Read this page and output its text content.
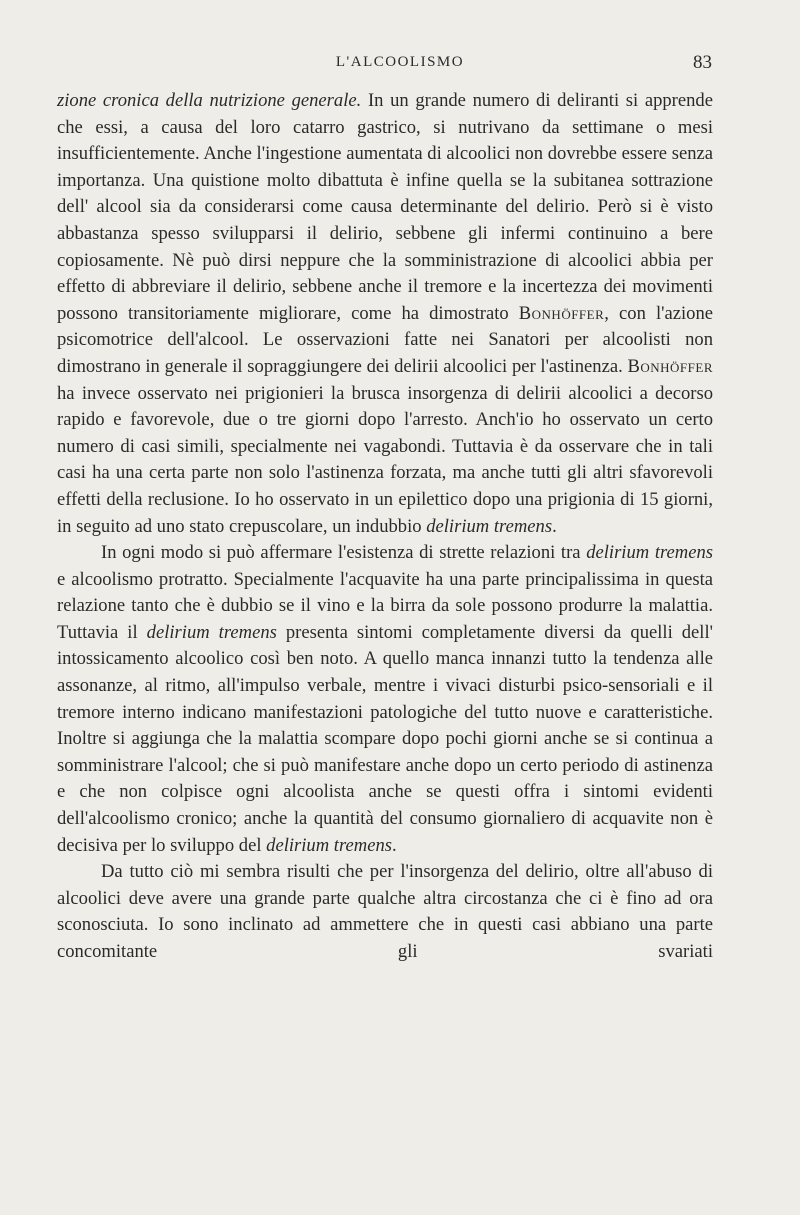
L'ALCOOLISMO	83

zione cronica della nutrizione generale. In un grande numero di deliranti si apprende che essi, a causa del loro catarro gastrico, si nutrivano da settimane o mesi insufficientemente. Anche l'ingestione aumentata di alcoolici non dovrebbe essere senza importanza. Una quistione molto dibattuta è infine quella se la subitanea sottrazione dell' alcool sia da considerarsi come causa determinante del delirio. Però si è visto abbastanza spesso svilupparsi il delirio, sebbene gli infermi continuino a bere copiosamente. Nè può dirsi neppure che la somministrazione di alcoolici abbia per effetto di abbreviare il delirio, sebbene anche il tremore e la incertezza dei movimenti possono transitoriamente migliorare, come ha dimostrato Bonhöffer, con l'azione psicomotrice dell'alcool. Le osservazioni fatte nei Sanatori per alcoolisti non dimostrano in generale il sopraggiungere dei delirii alcoolici per l'astinenza. Bonhöffer ha invece osservato nei prigionieri la brusca insorgenza di delirii alcoolici a decorso rapido e favorevole, due o tre giorni dopo l'arresto. Anch'io ho osservato un certo numero di casi simili, specialmente nei vagabondi. Tuttavia è da osservare che in tali casi ha una certa parte non solo l'astinenza forzata, ma anche tutti gli altri sfavorevoli effetti della reclusione. Io ho osservato in un epilettico dopo una prigionia di 15 giorni, in seguito ad uno stato crepuscolare, un indubbio delirium tremens.

In ogni modo si può affermare l'esistenza di strette relazioni tra delirium tremens e alcoolismo protratto. Specialmente l'acquavite ha una parte principalissima in questa relazione tanto che è dubbio se il vino e la birra da sole possono produrre la malattia. Tuttavia il delirium tremens presenta sintomi completamente diversi da quelli dell' intossicamento alcoolico così ben noto. A quello manca innanzi tutto la tendenza alle assonanze, al ritmo, all'impulso verbale, mentre i vivaci disturbi psico-sensoriali e il tremore interno indicano manifestazioni patologiche del tutto nuove e caratteristiche. Inoltre si aggiunga che la malattia scompare dopo pochi giorni anche se si continua a somministrare l'alcool; che si può manifestare anche dopo un certo periodo di astinenza e che non colpisce ogni alcoolista anche se questi offra i sintomi evidenti dell'alcoolismo cronico; anche la quantità del consumo giornaliero di acquavite non è decisiva per lo sviluppo del delirium tremens.

Da tutto ciò mi sembra risulti che per l'insorgenza del delirio, oltre all'abuso di alcoolici deve avere una grande parte qualche altra circostanza che ci è fino ad ora sconosciuta. Io sono inclinato ad ammettere che in questi casi abbiano una parte concomitante gli svariati
